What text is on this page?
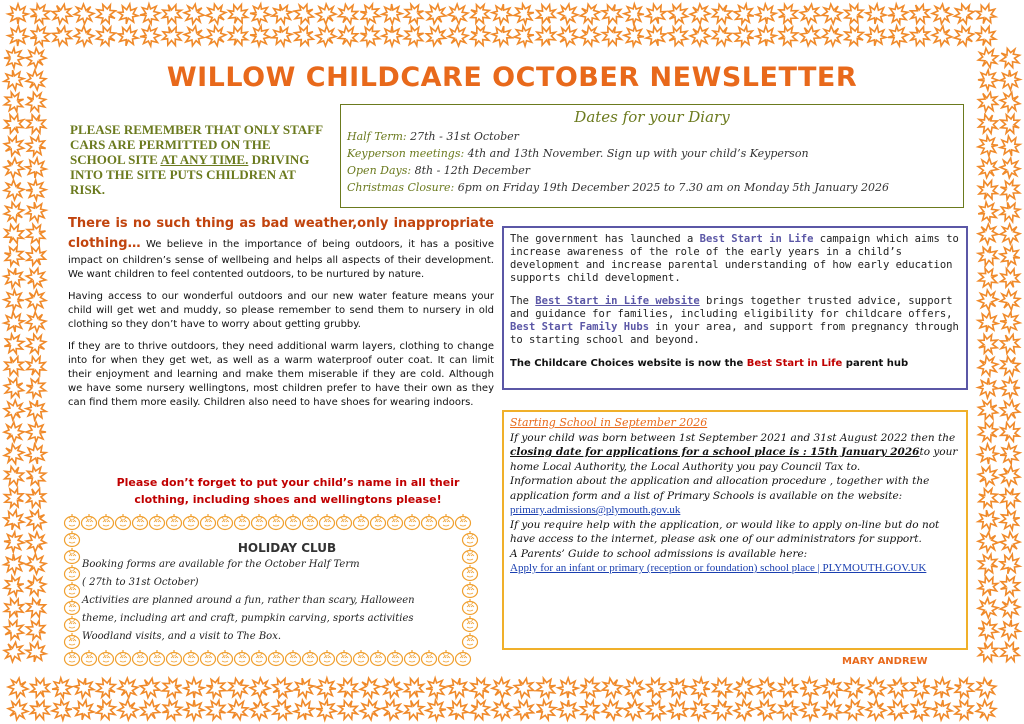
WILLOW CHILDCARE OCTOBER NEWSLETTER
PLEASE REMEMBER THAT ONLY STAFF CARS ARE PERMITTED ON THE SCHOOL SITE AT ANY TIME. DRIVING INTO THE SITE PUTS CHILDREN AT RISK.
Dates for your Diary
Half Term: 27th - 31st October
Keyperson meetings: 4th and 13th November. Sign up with your child’s Keyperson
Open Days: 8th - 12th December
Christmas Closure: 6pm on Friday 19th December 2025 to 7.30 am on Monday 5th January 2026

There is no such thing as bad weather,only inappropriate clothing… We believe in the importance of being outdoors, it has a positive impact on children’s sense of wellbeing and helps all aspects of their development. We want children to feel contented outdoors, to be nurtured by nature.

Having access to our wonderful outdoors and our new water feature means your child will get wet and muddy, so please remember to send them to nursery in old clothing so they don’t have to worry about getting grubby.

If they are to thrive outdoors, they need additional warm layers, clothing to change into for when they get wet, as well as a warm waterproof outer coat. It can limit their enjoyment and learning and make them miserable if they are cold. Although we have some nursery wellingtons, most children prefer to have their own as they can find them more easily. Children also need to have shoes for wearing indoors.

Please don’t forget to put your child’s name in all their clothing, including shoes and wellingtons please!
HOLIDAY CLUB
Booking forms are available for the October Half Term
( 27th to 31st October)
Activities are planned around a fun, rather than scary, Halloween
theme, including art and craft, pumpkin carving, sports activities
Woodland visits, and a visit to The Box.

The government has launched a Best Start in Life campaign which aims to increase awareness of the role of the early years in a child’s development and increase parental understanding of how early education supports child development.

The Best Start in Life website brings together trusted advice, support and guidance for families, including eligibility for childcare offers, Best Start Family Hubs in your area, and support from pregnancy through to starting school and beyond.

The Childcare Choices website is now the Best Start in Life parent hub

Starting School in September 2026
If your child was born between 1st September 2021 and 31st August 2022 then the closing date for applications for a school place is : 15th January 2026to your home Local Authority, the Local Authority you pay Council Tax to.
Information about the application and allocation procedure , together with the application form and a list of Primary Schools is available on the website: primary.admissions@plymouth.gov.uk
If you require help with the application, or would like to apply on-line but do not have access to the internet, please ask one of our administrators for support.
A Parents’ Guide to school admissions is available here:
Apply for an infant or primary (reception or foundation) school place | PLYMOUTH.GOV.UK
MARY ANDREW
